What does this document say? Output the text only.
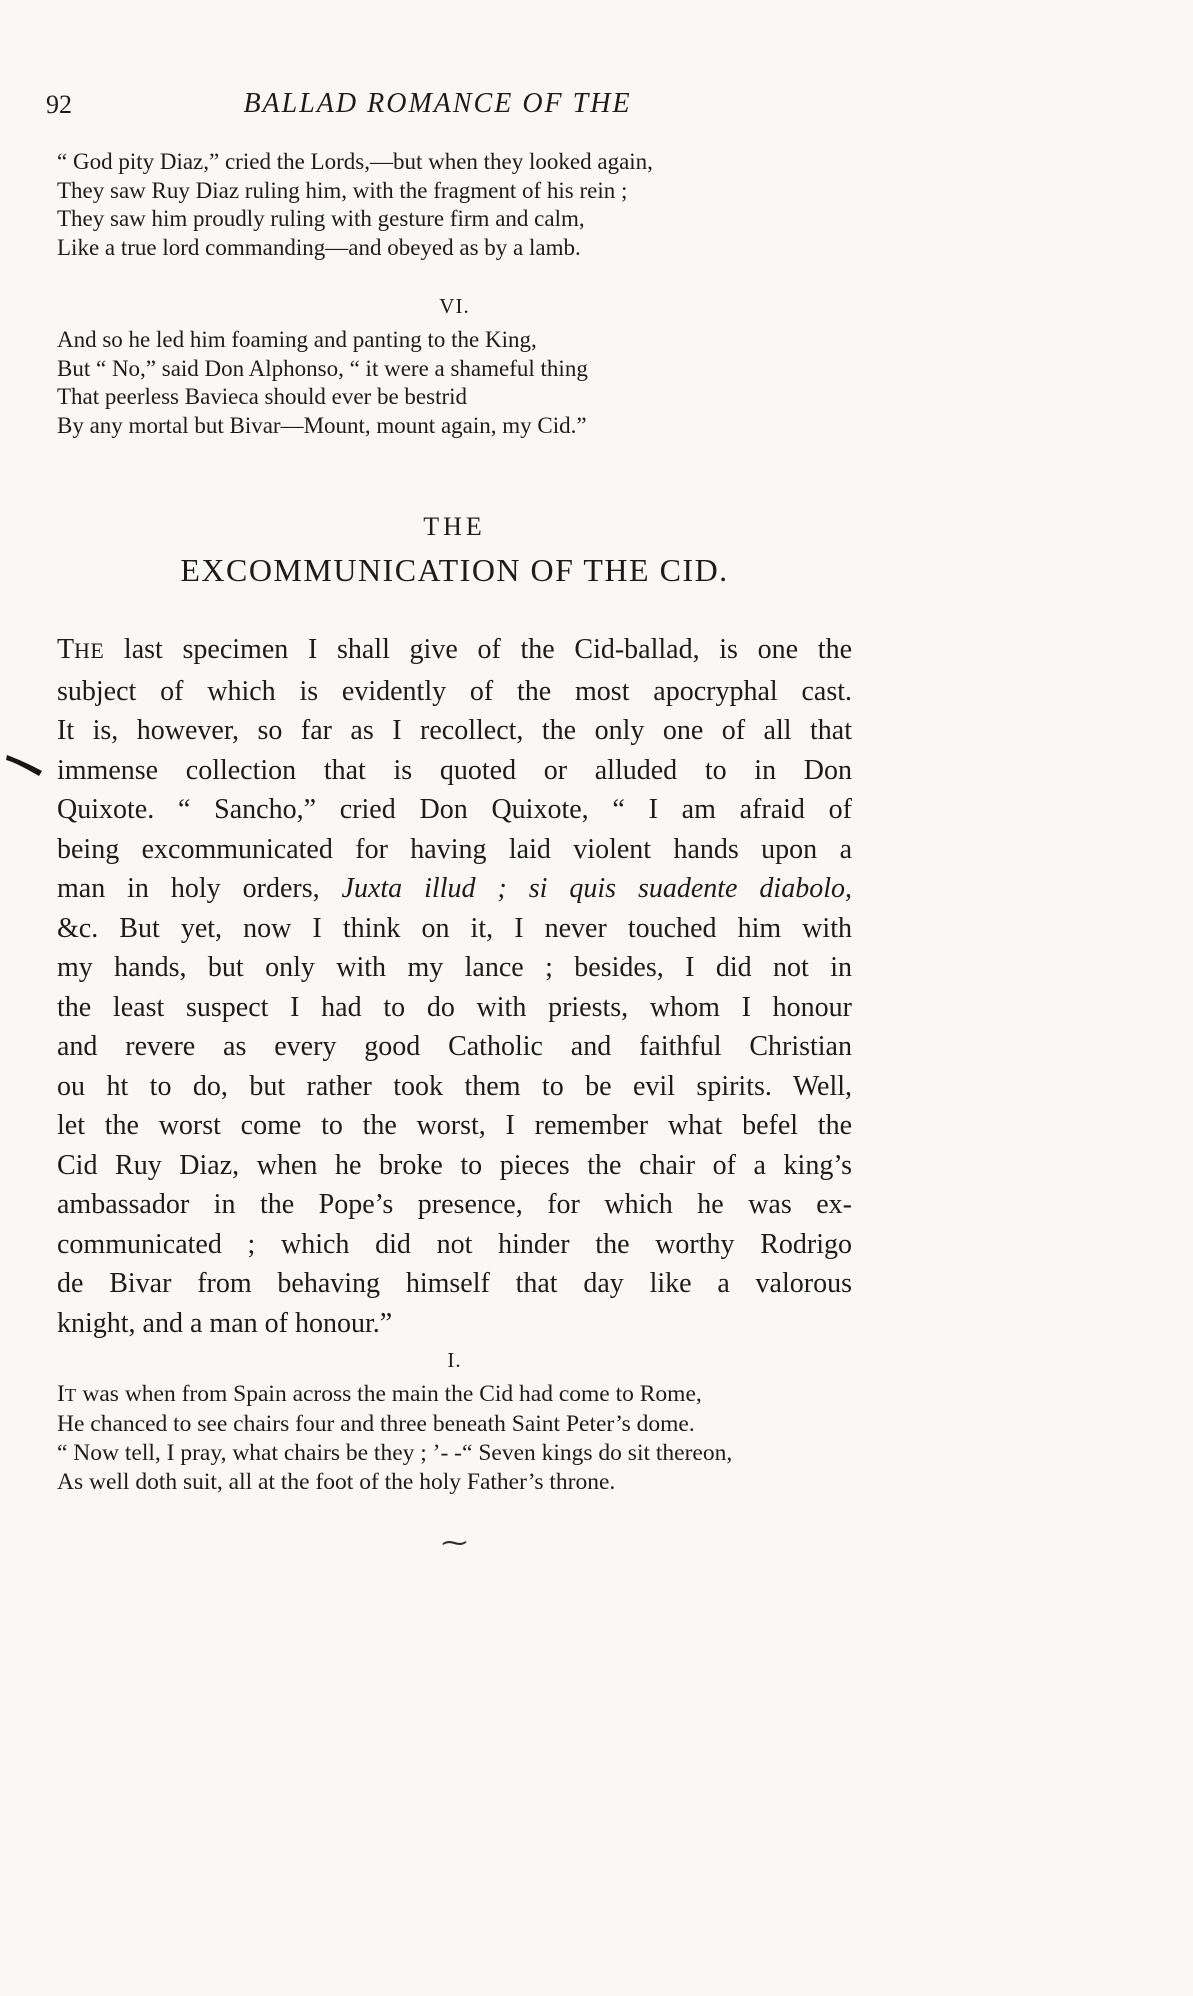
92	BALLAD ROMANCE OF THE
“ God pity Diaz,” cried the Lords,—but when they looked again,
They saw Ruy Diaz ruling him, with the fragment of his rein ;
They saw him proudly ruling with gesture firm and calm,
Like a true lord commanding—and obeyed as by a lamb.
VI.
And so he led him foaming and panting to the King,
But “ No,” said Don Alphonso, “ it were a shameful thing
That peerless Bavieca should ever be bestrid
By any mortal but Bivar—Mount, mount again, my Cid.”
THE
EXCOMMUNICATION OF THE CID.
THE last specimen I shall give of the Cid-ballad, is one the
subject of which is evidently of the most apocryphal cast.
It is, however, so far as I recollect, the only one of all that
immense collection that is quoted or alluded to in Don
Quixote. “ Sancho,” cried Don Quixote, “ I am afraid of
being excommunicated for having laid violent hands upon a
man in holy orders, Juxta illud ; si quis suadente diabolo,
&c. But yet, now I think on it, I never touched him with
my hands, but only with my lance ; besides, I did not in
the least suspect I had to do with priests, whom I honour
and revere as every good Catholic and faithful Christian
ou ht to do, but rather took them to be evil spirits. Well,
let the worst come to the worst, I remember what befel the
Cid Ruy Diaz, when he broke to pieces the chair of a king’s
ambassador in the Pope’s presence, for which he was ex-
communicated ; which did not hinder the worthy Rodrigo
de Bivar from behaving himself that day like a valorous
knight, and a man of honour.”
I.
IT was when from Spain across the main the Cid had come to Rome,
He chanced to see chairs four and three beneath Saint Peter’s dome.
“ Now tell, I pray, what chairs be they ; ’- -“ Seven kings do sit thereon,
As well doth suit, all at the foot of the holy Father’s throne.
⁓
